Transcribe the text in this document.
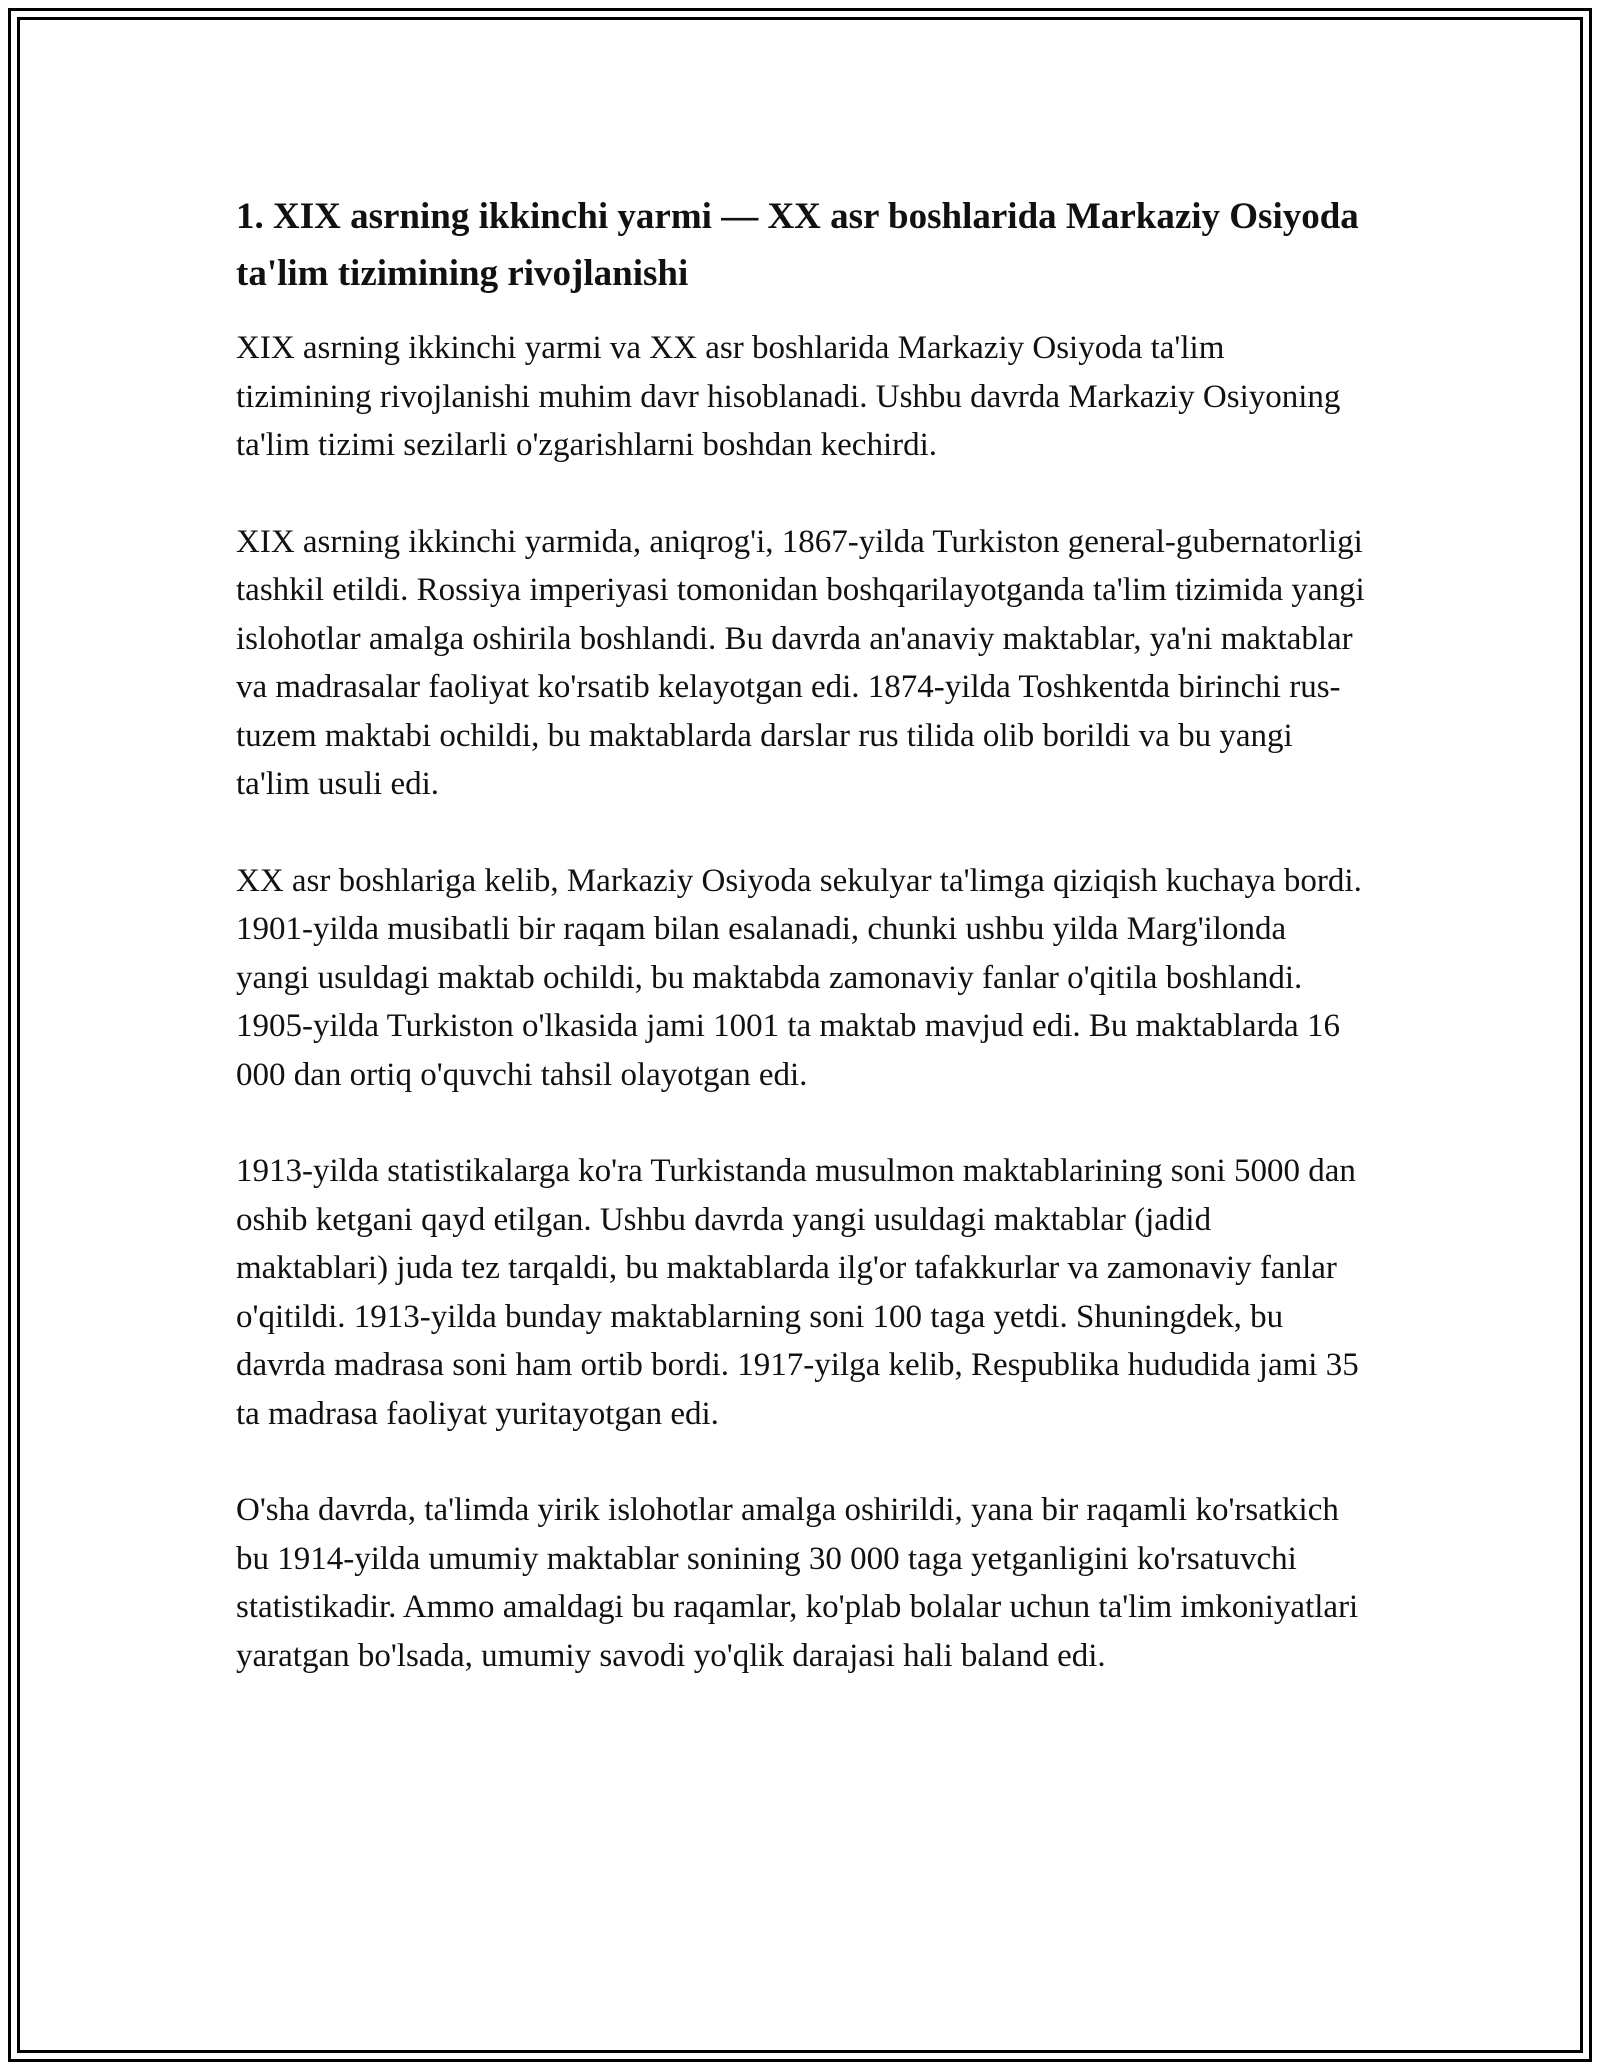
1. XIX asrning ikkinchi yarmi — XX asr boshlarida Markaziy Osiyoda ta'lim tizimining rivojlanishi

XIX asrning ikkinchi yarmi va XX asr boshlarida Markaziy Osiyoda ta'lim tizimining rivojlanishi muhim davr hisoblanadi. Ushbu davrda Markaziy Osiyoning ta'lim tizimi sezilarli o'zgarishlarni boshdan kechirdi.

XIX asrning ikkinchi yarmida, aniqrog'i, 1867-yilda Turkiston general-gubernatorligi tashkil etildi. Rossiya imperiyasi tomonidan boshqarilayotganda ta'lim tizimida yangi islohotlar amalga oshirila boshlandi. Bu davrda an'anaviy maktablar, ya'ni maktablar va madrasalar faoliyat ko'rsatib kelayotgan edi. 1874-yilda Toshkentda birinchi rus-tuzem maktabi ochildi, bu maktablarda darslar rus tilida olib borildi va bu yangi ta'lim usuli edi.

XX asr boshlariga kelib, Markaziy Osiyoda sekulyar ta'limga qiziqish kuchaya bordi. 1901-yilda musibatli bir raqam bilan esalanadi, chunki ushbu yilda Marg'ilonda yangi usuldagi maktab ochildi, bu maktabda zamonaviy fanlar o'qitila boshlandi. 1905-yilda Turkiston o'lkasida jami 1001 ta maktab mavjud edi. Bu maktablarda 16 000 dan ortiq o'quvchi tahsil olayotgan edi.

1913-yilda statistikalarga ko'ra Turkistanda musulmon maktablarining soni 5000 dan oshib ketgani qayd etilgan. Ushbu davrda yangi usuldagi maktablar (jadid maktablari) juda tez tarqaldi, bu maktablarda ilg'or tafakkurlar va zamonaviy fanlar o'qitildi. 1913-yilda bunday maktablarning soni 100 taga yetdi. Shuningdek, bu davrda madrasa soni ham ortib bordi. 1917-yilga kelib, Respublika hududida jami 35 ta madrasa faoliyat yuritayotgan edi.

O'sha davrda, ta'limda yirik islohotlar amalga oshirildi, yana bir raqamli ko'rsatkich bu 1914-yilda umumiy maktablar sonining 30 000 taga yetganligini ko'rsatuvchi statistikadir. Ammo amaldagi bu raqamlar, ko'plab bolalar uchun ta'lim imkoniyatlari yaratgan bo'lsada, umumiy savodi yo'qlik darajasi hali baland edi.
